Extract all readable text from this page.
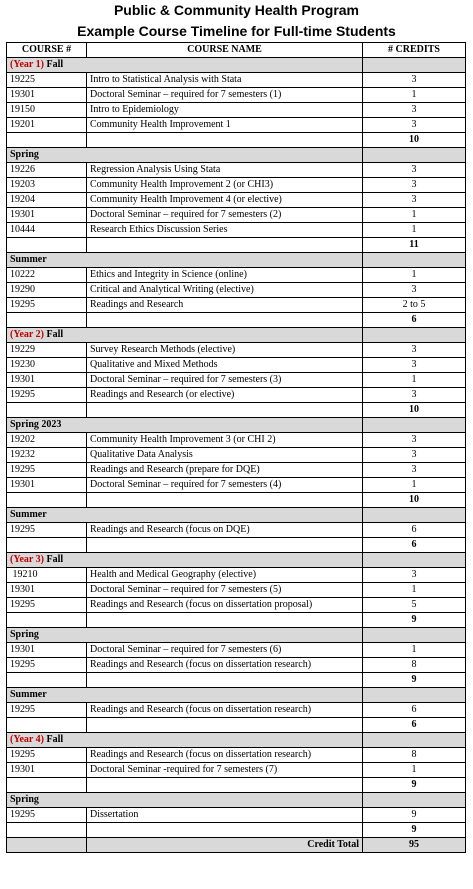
Public & Community Health Program
Example Course Timeline for Full-time Students
COURSE #	COURSE NAME	# CREDITS
(Year 1) Fall		
19225	Intro to Statistical Analysis with Stata	3
19301	Doctoral Seminar – required for 7 semesters (1)	1
19150	Intro to Epidemiology	3
19201	Community Health Improvement 1	3
		10
Spring		
19226	Regression Analysis Using Stata	3
19203	Community Health Improvement 2 (or CHI3)	3
19204	Community Health Improvement 4 (or elective)	3
19301	Doctoral Seminar – required for 7 semesters (2)	1
10444	Research Ethics Discussion Series	1
		11
Summer		
10222	Ethics and Integrity in Science (online)	1
19290	Critical and Analytical Writing (elective)	3
19295	Readings and Research	2 to 5
		6
(Year 2) Fall		
19229	Survey Research Methods (elective)	3
19230	Qualitative and Mixed Methods	3
19301	Doctoral Seminar – required for 7 semesters (3)	1
19295	Readings and Research (or elective)	3
		10
Spring 2023		
19202	Community Health Improvement 3 (or CHI 2)	3
19232	Qualitative Data Analysis	3
19295	Readings and Research (prepare for DQE)	3
19301	Doctoral Seminar – required for 7 semesters (4)	1
		10
Summer		
19295	Readings and Research (focus on DQE)	6
		6
(Year 3) Fall		
19210	Health and Medical Geography (elective)	3
19301	Doctoral Seminar – required for 7 semesters (5)	1
19295	Readings and Research (focus on dissertation proposal)	5
		9
Spring		
19301	Doctoral Seminar – required for 7 semesters (6)	1
19295	Readings and Research (focus on dissertation research)	8
		9
Summer		
19295	Readings and Research (focus on dissertation research)	6
		6
(Year 4) Fall		
19295	Readings and Research (focus on dissertation research)	8
19301	Doctoral Seminar -required for 7 semesters (7)	1
		9
Spring		
19295	Dissertation	9
		9
	Credit Total	95
